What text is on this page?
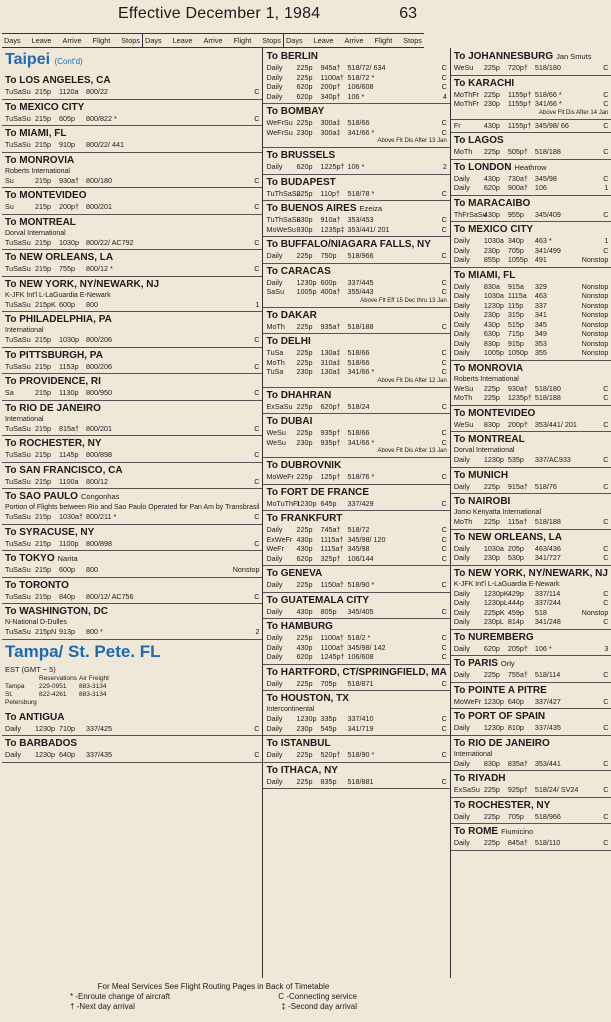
Effective December 1, 1984	63
Days Leave Arrive Flight Stops Days Leave Arrive Flight Stops Days Leave Arrive Flight Stops
Taipei (Cont'd)
To LOS ANGELES, CA
TuSaSu 215p	1120a	800/22	C
To MEXICO CITY
TuSaSu 215p	605p	800/822 *	C
To MIAMI, FL
TuSaSu 215p	910p	800/22/ 441
To MONROVIA
Roberts International
Su	215p	930a† 800/180	C
To MONTEVIDEO
Su	215p	200p† 800/201	C
To MONTREAL
Dorval International
TuSaSu 215p	1030p 800/22/ AC792	C
To NEW ORLEANS, LA
TuSaSu 215p	755p	800/12 *	C
To NEW YORK, NY/NEWARK, NJ
K-JFK Int'l L-LaGuardia E-Newark
TuSaSu 215pK 600p	800	1
To PHILADELPHIA, PA
International
TuSaSu 215p	1030p 800/206	C
To PITTSBURGH, PA
TuSaSu 215p	1153p	800/206	C
To PROVIDENCE, RI
Sa	215p	1130p	800/950	C
To RIO DE JANEIRO
International
TuSaSu 215p	815a† 800/201	C
To ROCHESTER, NY
TuSaSu 215p	1145p	800/898	C
To SAN FRANCISCO, CA
TuSaSu 215p	1100a	800/12	C
To SAO PAULO Congonhas
Portion of Flights between Rio and Sao Paulo Operated for Pan Am by Transbrasil
TuSaSu 215p	1030a† 800/211 *	C
To SYRACUSE, NY
TuSaSu 215p	1100p	800/898	C
To TOKYO Narita
TuSaSu 215p	600p	800	Nonstop
To TORONTO
TuSaSu 215p	840p	800/12/ AC756	C
To WASHINGTON, DC
N-National D-Dulles
TuSaSu 215pN 913p	800 *	2
Tampa/ St. Pete. FL
EST (GMT − 5)
Reservations Air Freight
Tampa	229-0951	883-3134
St. Petersburg
822-4261	883-3134
To ANTIGUA
Daily	1230p 710p	337/425	C
To BARBADOS
Daily	1230p 640p	337/435	C
To BERLIN
Daily	225p	945a† 518/72/ 634	C
Daily	225p	1100a† 518/72 *	C
Daily	620p	200p† 106/608	C
Daily	620p	340p† 106 *	4
To BOMBAY
WeFrSu 225p	300a‡ 518/66	C
WeFrSu 230p	300a‡ 341/66 *	C
Above Flt Dis After 13 Jan
To BRUSSELS
Daily	620p	1225p† 106 *	2
To BUDAPEST
TuThSaSu
225p	110p†	518/78 *	C
To BUENOS AIRES Ezeiza
TuThSaSu
830p	910a† 353/453	C
MoWeSu 830p	1235p‡ 353/441/ 201	C
To BUFFALO/NIAGARA FALLS, NY
Daily	225p	750p	518/966	C
To CARACAS
Daily	1230p 600p	337/445	C
SaSu	1005p 400a† 355/443	C
Above Flt Eff 15 Dec thru 13 Jan
To DAKAR
MoTh	225p	935a† 518/188	C
To DELHI
TuSa	225p	130a‡ 518/66	C
MoTh	225p	310a‡ 518/66	C
TuSa	230p	130a‡ 341/66 *	C
Above Flt Dis After 12 Jan
To DHAHRAN
ExSaSu 225p	620p† 518/24	C
To DUBAI
WeSu	225p	935p† 518/66	C
WeSu	230p	935p† 341/66 *	C
Above Flt Dis After 13 Jan
To DUBROVNIK
MoWeFr 225p	125p† 518/76 *	C
To FORT DE FRANCE
MoTuThFr
1230p 645p	337/429	C
To FRANKFURT
Daily	225p	745a† 518/72	C
ExWeFr 430p	1115a† 345/98/ 120	C
WeFr	430p	1115a† 345/98	C
Daily	620p	325p† 106/144	C
To GENEVA
Daily	225p	1150a† 518/90 *	C
To GUATEMALA CITY
Daily	430p	805p	345/405	C
To HAMBURG
Daily	225p	1100a† 518/2 *	C
Daily	430p	1100a† 345/98/ 142	C
Daily	620p	1245p† 106/608	C
To HARTFORD, CT/SPRINGFIELD, MA
Daily	225p	705p	518/871	C
To HOUSTON, TX
Intercontinental
Daily	1230p 335p	337/410	C
Daily	230p	545p	341/719	C
To ISTANBUL
Daily	225p	520p† 518/90 *	C
To ITHACA, NY
Daily	225p	835p	518/881	C
To JOHANNESBURG Jan Smuts
WeSu	225p	720p† 518/180	C
To KARACHI
MoThFr 225p	1155p† 518/66 *	C
MoThFr 230p	1155p† 341/66 *	C
Above Flt Dis After 14 Jan
Fr	430p	1155p† 345/98/ 66	C
To LAGOS
MoTh	225p	505p† 518/188	C
To LONDON Heathrow
Daily	430p	730a† 345/98	C
Daily	620p	900a† 106	1
To MARACAIBO
ThFrSaSu
430p	955p	345/409	C
To MEXICO CITY
Daily	1030a 340p	463 *	1
Daily	230p	705p	341/499	C
Daily	855p	1055p 491	Nonstop
To MIAMI, FL
Daily	830a	915a	329	Nonstop
Daily	1030a 1115a	463	Nonstop
Daily	1230p 115p	337	Nonstop
Daily	230p	315p	341	Nonstop
Daily	430p	515p	345	Nonstop
Daily	630p	715p	349	Nonstop
Daily	830p	915p	353	Nonstop
Daily	1005p 1050p 355	Nonstop
To MONROVIA
Roberts International
WeSu	225p	930a† 518/180	C
MoTh	225p	1235p† 518/188	C
To MONTEVIDEO
WeSu	830p	200p† 353/441/ 201	C
To MONTREAL
Dorval International
Daily	1230p 535p	337/AC933	C
To MUNICH
Daily	225p	915a† 518/76	C
To NAIROBI
Jomo Kenyatta International
MoTh	225p	115a†	518/188	C
To NEW ORLEANS, LA
Daily	1030a 205p	463/436	C
Daily	230p	530p	341/727	C
To NEW YORK, NY/NEWARK, NJ
K-JFK Int'l L-LaGuardia E-Newark
Daily	1230pK 429p	337/114	C
Daily	1230pL 444p	337/244	C
Daily	225pK 459p	518	Nonstop
Daily	230pL 814p	341/248	C
To NUREMBERG
Daily	620p	205p† 106 *	3
To PARIS Orly
Daily	225p	755a† 518/114	C
To POINTE A PITRE
MoWeFr 1230p 640p	337/427	C
To PORT OF SPAIN
Daily	1230p 810p	337/435	C
To RIO DE JANEIRO
International
Daily	830p	835a† 353/441	C
To RIYADH
ExSaSu 225p	925p† 518/24/ SV24	C
To ROCHESTER, NY
Daily	225p	705p	518/966	C
To ROME Fiumicino
Daily	225p	845a† 518/110	C
For Meal Services See Flight Routing Pages in Back of Timetable
* -Enroute change of aircraft	C -Connecting service
† -Next day arrival	‡ -Second day arrival
